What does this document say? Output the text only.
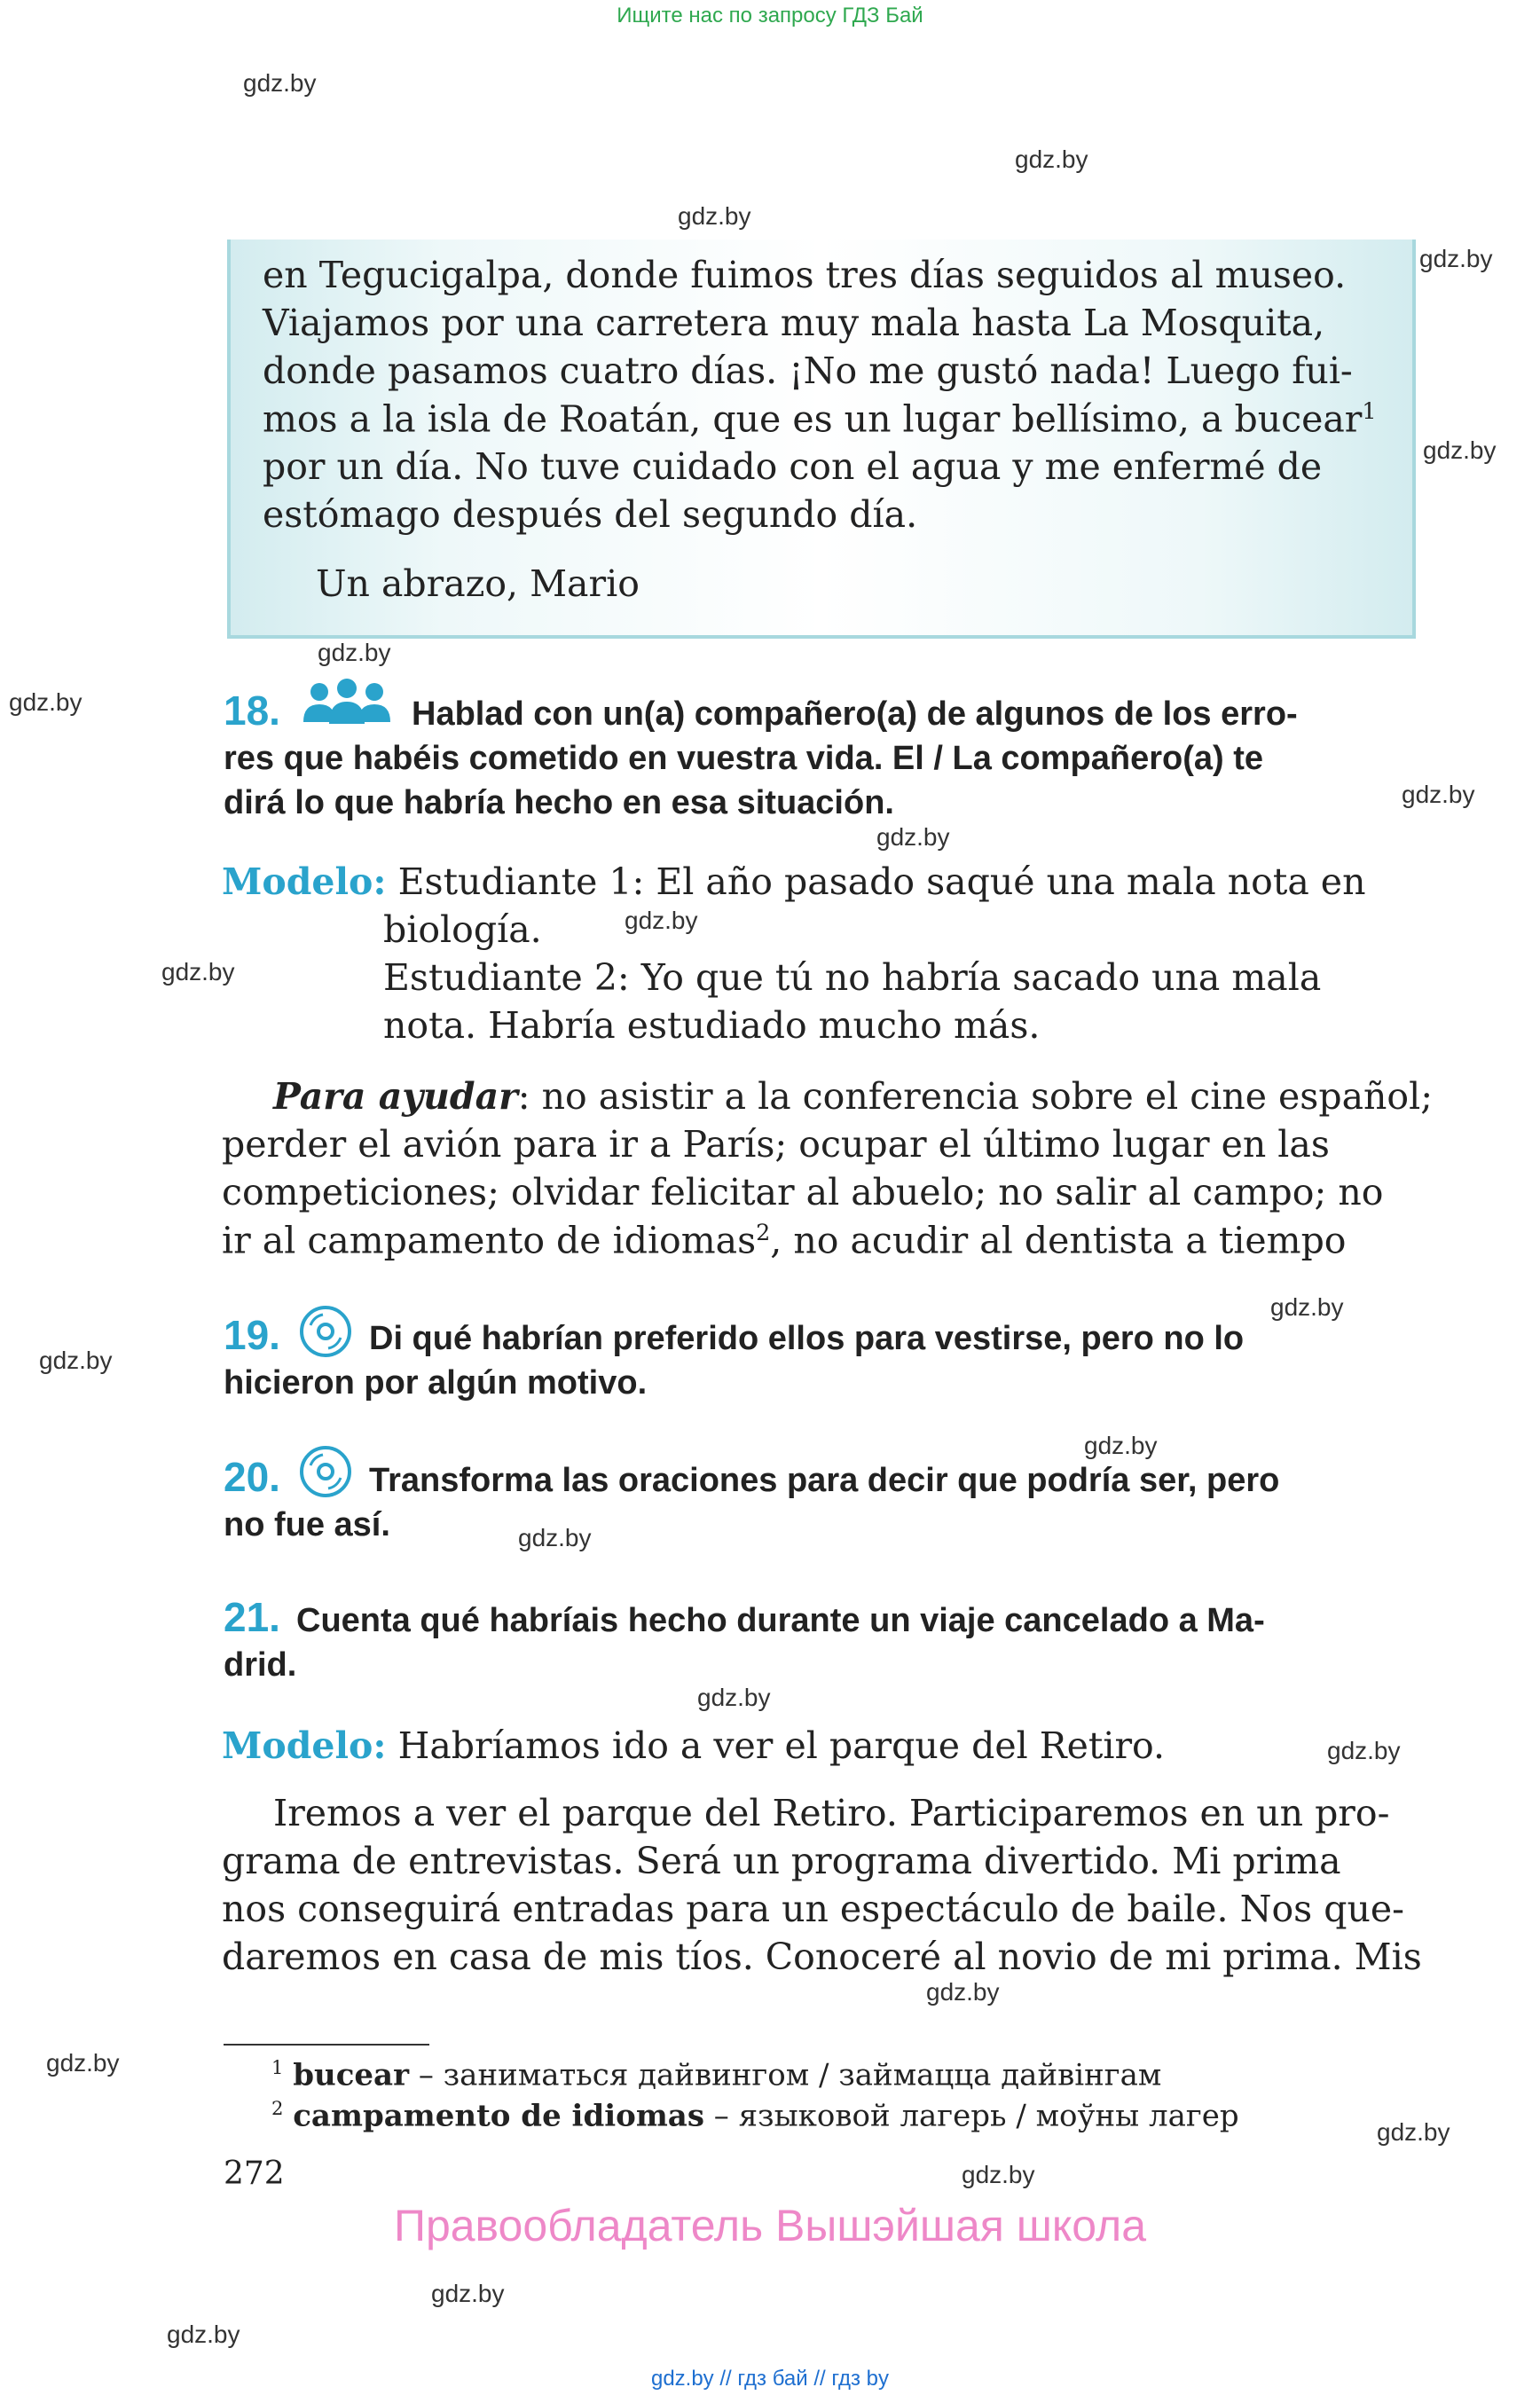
Ищите нас по запросу ГДЗ Бай
gdz.by
gdz.by
gdz.by
gdz.by
gdz.by
gdz.by
gdz.by
gdz.by
gdz.by
gdz.by
gdz.by
gdz.by
gdz.by
gdz.by
gdz.by
gdz.by
gdz.by
gdz.by
gdz.by
gdz.by
gdz.by
gdz.by
gdz.by
en Tegucigalpa, donde fuimos tres días seguidos al museo.
Viajamos por una carretera muy mala hasta La Mosquita,
donde pasamos cuatro días. ¡No me gustó nada! Luego fui-
mos a la isla de Roatán, que es un lugar bellísimo, a bucear$^1$
por un día. No tuve cuidado con el agua y me enfermé de
estómago después del segundo día.
Un abrazo, Mario
18.	Hablad con un(a) compañero(a) de algunos de los erro-
res que habéis cometido en vuestra vida. El / La compañero(a) te
dirá lo que habría hecho en esa situación.
Modelo: Estudiante 1: El año pasado saqué una mala nota en
biología.
Estudiante 2: Yo que tú no habría sacado una mala
nota. Habría estudiado mucho más.
Para ayudar: no asistir a la conferencia sobre el cine español;
perder el avión para ir a París; ocupar el último lugar en las
competiciones; olvidar felicitar al abuelo; no salir al campo; no
ir al campamento de idiomas$^2$, no acudir al dentista a tiempo
19.	Di qué habrían preferido ellos para vestirse, pero no lo
hicieron por algún motivo.
20.	Transforma las oraciones para decir que podría ser, pero
no fue así.
21. Cuenta qué habríais hecho durante un viaje cancelado a Ma-
drid.
Modelo: Habríamos ido a ver el parque del Retiro.
Iremos a ver el parque del Retiro. Participaremos en un pro-
grama de entrevistas. Será un programa divertido. Mi prima
nos conseguirá entradas para un espectáculo de baile. Nos que-
daremos en casa de mis tíos. Conoceré al novio de mi prima. Mis
$^1$ bucear – заниматься дайвингом / займацца дайвінгам
$^2$ campamento de idiomas – языковой лагерь / моўны лагер
272
Правообладатель Вышэйшая школа
gdz.by // гдз бай // гдз by
